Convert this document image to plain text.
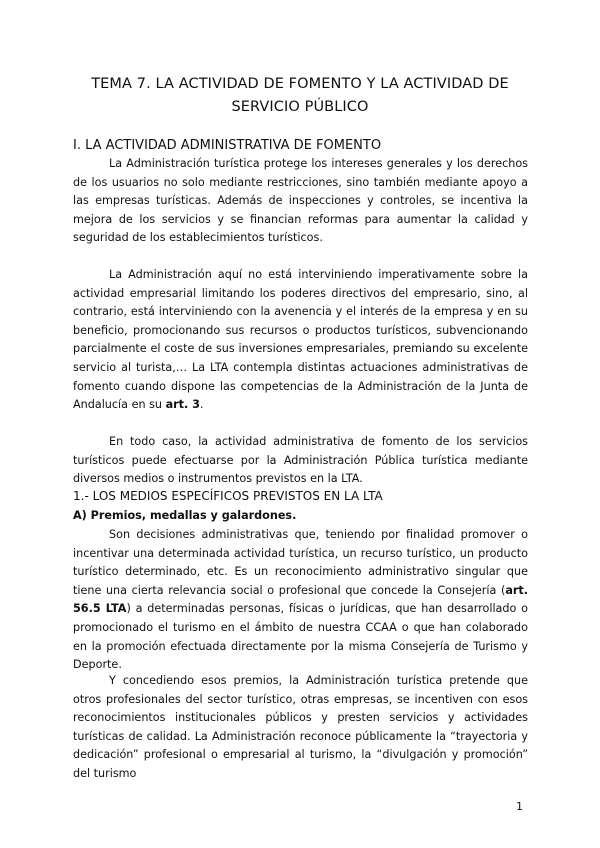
TEMA 7. LA ACTIVIDAD DE FOMENTO Y LA ACTIVIDAD DE
SERVICIO PÚBLICO
I. LA ACTIVIDAD ADMINISTRATIVA DE FOMENTO
La Administración turística protege los intereses generales y los derechos de los usuarios no solo mediante restricciones, sino también mediante apoyo a las empresas turísticas. Además de inspecciones y controles, se incentiva la mejora de los servicios y se financian reformas para aumentar la calidad y seguridad de los establecimientos turísticos.
La Administración aquí no está interviniendo imperativamente sobre la actividad empresarial limitando los poderes directivos del empresario, sino, al contrario, está interviniendo con la avenencia y el interés de la empresa y en su beneficio, promocionando sus recursos o productos turísticos, subvencionando parcialmente el coste de sus inversiones empresariales, premiando su excelente servicio al turista,… La LTA contempla distintas actuaciones administrativas de fomento cuando dispone las competencias de la Administración de la Junta de Andalucía en su art. 3.
En todo caso, la actividad administrativa de fomento de los servicios turísticos puede efectuarse por la Administración Pública turística mediante diversos medios o instrumentos previstos en la LTA.
1.- LOS MEDIOS ESPECÍFICOS PREVISTOS EN LA LTA
A) Premios, medallas y galardones.
Son decisiones administrativas que, teniendo por finalidad promover o incentivar una determinada actividad turística, un recurso turístico, un producto turístico determinado, etc. Es un reconocimiento administrativo singular que tiene una cierta relevancia social o profesional que concede la Consejería (art. 56.5 LTA) a determinadas personas, físicas o jurídicas, que han desarrollado o promocionado el turismo en el ámbito de nuestra CCAA o que han colaborado en la promoción efectuada directamente por la misma Consejería de Turismo y Deporte.
Y concediendo esos premios, la Administración turística pretende que otros profesionales del sector turístico, otras empresas, se incentiven con esos reconocimientos institucionales públicos y presten servicios y actividades turísticas de calidad. La Administración reconoce públicamente la “trayectoria y dedicación” profesional o empresarial al turismo, la “divulgación y promoción” del turismo
1
